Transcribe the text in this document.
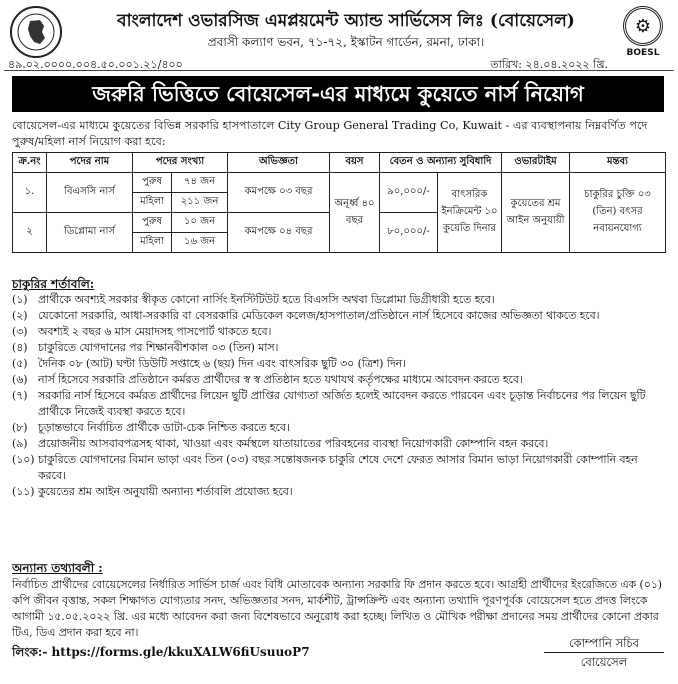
বাংলাদেশ ওভারসিজ এমপ্লয়মেন্ট অ্যান্ড সার্ভিসেস লিঃ (বোয়েসেল)
প্রবাসী কল্যাণ ভবন, ৭১-৭২, ইস্কাটন গার্ডেন, রমনা, ঢাকা।
⚙
BOESL
৪৯.০২.০০০০.০০৪.৫০.০০১.২১/৪০০	তারিখ: ২৪.০৪.২০২২ খ্রি.
জরুরি ভিত্তিতে বোয়েসেল-এর মাধ্যমে কুয়েতে নার্স নিয়োগ
বোয়েসেল-এর মাধ্যমে কুয়েতের বিভিন্ন সরকারি হাসপাতালে City Group General Trading Co, Kuwait - এর ব্যবস্থাপনায় নিম্নবর্ণিত পদে পুরুষ/মহিলা নার্স নিয়োগ করা হবে:
ক্র.নং	পদের নাম	পদের সংখ্যা		অভিজ্ঞতা	বয়স	বেতন ও অন্যান্য সুবিধাদি		ওভারটাইম	মন্তব্য
১.	বিএসসি নার্স	পুরুষ	৭৪ জন	কমপক্ষে ০৩ বছর	অনূর্ধ্ব ৪০ বছর	৯০,০০০/-	বাৎসরিক ইনক্রিমেন্ট ১০ কুয়েতি দিনার	কুয়েতের শ্রম আইন অনুযায়ী	চাকুরির চুক্তি ০৩ (তিন) বৎসর নবায়নযোগ্য
		মহিলা	২১১ জন						
২	ডিপ্লোমা নার্স	পুরুষ	১০ জন	কমপক্ষে ০৪ বছর		৮০,০০০/-			
		মহিলা	১৬ জন						
চাকুরির শর্তাবলি:
(১) প্রার্থীকে অবশ্যই সরকার স্বীকৃত কোনো নার্সিং ইনস্টিটিউট হতে বিএসসি অথবা ডিপ্লোমা ডিগ্রীধারী হতে হবে।
(২) যেকোনো সরকারি, আধা-সরকারি বা বেসরকারি মেডিকেল কলেজ/হাসপাতাল/প্রতিষ্ঠানে নার্স হিসেবে কাজের অভিজ্ঞতা থাকতে হবে।
(৩) অবশ্যই ২ বছর ৬ মাস মেয়াদসহ পাসপোর্ট থাকতে হবে।
(৪) চাকুরিতে যোগদানের পর শিক্ষানবীশকাল ০৩ (তিন) মাস।
(৫) দৈনিক ০৮ (আট) ঘণ্টা ডিউটি সপ্তাহে ৬ (ছয়) দিন এবং বাৎসরিক ছুটি ৩০ (ত্রিশ) দিন।
(৬) নার্স হিসেবে সরকারি প্রতিষ্ঠানে কর্মরত প্রার্থীদের স্ব স্ব প্রতিষ্ঠান হতে যথাযথ কর্তৃপক্ষের মাধ্যমে আবেদন করতে হবে।
(৭) সরকারি নার্স হিসেবে কর্মরত প্রার্থীদের লিয়েন ছুটি প্রাপ্তির যোগ্যতা অর্জিত হলেই আবেদন করতে পারবেন এবং চূড়ান্ত নির্বাচনের পর লিয়েন ছুটি প্রার্থীকে নিজেই ব্যবস্থা করতে হবে।
(৮) চূড়ান্তভাবে নির্বাচিত প্রার্থীকে ডাটা-চেক নিশ্চিত করতে হবে।
(৯) প্রয়োজনীয় আসবাবপত্রসহ থাকা, খাওয়া এবং কর্মস্থলে যাতায়াতের পরিবহনের ব্যবস্থা নিয়োগকারী কোম্পানি বহন করবে।
(১০) চাকুরিতে যোগদানের বিমান ভাড়া এবং তিন (০৩) বছর সন্তোষজনক চাকুরি শেষে দেশে ফেরত আসার বিমান ভাড়া নিয়োগকারী কোম্পানি বহন করবে।
(১১) কুয়েতের শ্রম আইন অনুযায়ী অন্যান্য শর্তাবলি প্রযোজ্য হবে।
অন্যান্য তথ্যাবলী :
নির্বাচিত প্রার্থীদের বোয়েসেলের নির্ধারিত সার্ভিস চার্জ এবং বিধি মোতাবেক অন্যান্য সরকারি ফি প্রদান করতে হবে। আগ্রহী প্রার্থীদের ইংরেজিতে এক (০১) কপি জীবন বৃত্তান্ত, সকল শিক্ষাগত যোগ্যতার সনদ, অভিজ্ঞতার সনদ, মার্কশীট, ট্রান্সক্রিপ্ট এবং অন্যান্য তথ্যাদি পূরণপূর্বক বোয়েসেল হতে প্রদত্ত লিংকে আগামী ১৫.০৫.২০২২ খ্রি. এর মধ্যে আবেদন করা জন্য বিশেষভাবে অনুরোধ করা হচ্ছে। লিখিত ও মৌখিক পরীক্ষা প্রদানের সময় প্রার্থীদের কোনো প্রকার টিএ, ডিএ প্রদান করা হবে না।
লিংক:- https://forms.gle/kkuXALW6fiUsuuoP7
কোম্পানি সচিব
বোয়েসেল
